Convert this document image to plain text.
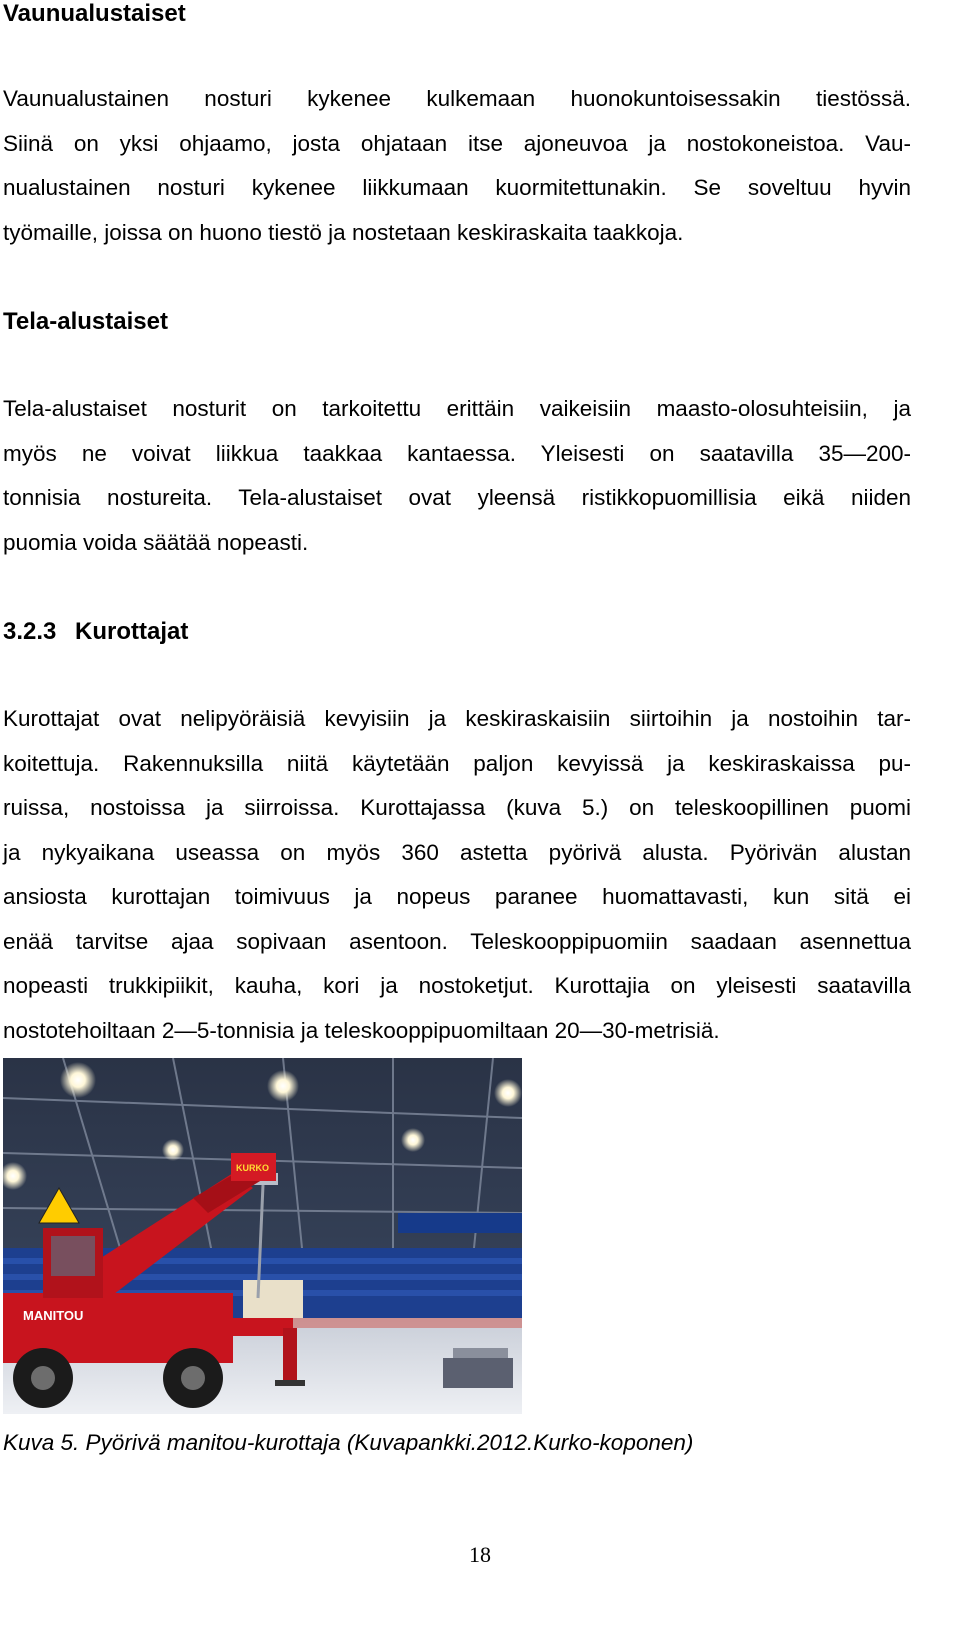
Vaunualustaiset
Vaunualustainen nosturi kykenee kulkemaan huonokuntoisessakin tiestössä.
Siinä on yksi ohjaamo, josta ohjataan itse ajoneuvoa ja nostokoneistoa. Vau-
nualustainen nosturi kykenee liikkumaan kuormitettunakin. Se soveltuu hyvin
työmaille, joissa on huono tiestö ja nostetaan keskiraskaita taakkoja.
Tela-alustaiset
Tela-alustaiset nosturit on tarkoitettu erittäin vaikeisiin maasto-olosuhteisiin, ja
myös ne voivat liikkua taakkaa kantaessa. Yleisesti on saatavilla 35—200-
tonnisia nostureita. Tela-alustaiset ovat yleensä ristikkopuomillisia eikä niiden
puomia voida säätää nopeasti.
3.2.3 Kurottajat
Kurottajat ovat nelipyöräisiä kevyisiin ja keskiraskaisiin siirtoihin ja nostoihin tar-
koitettuja. Rakennuksilla niitä käytetään paljon kevyissä ja keskiraskaissa pu-
ruissa, nostoissa ja siirroissa. Kurottajassa (kuva 5.) on teleskoopillinen puomi
ja nykyaikana useassa on myös 360 astetta pyörivä alusta. Pyörivän alustan
ansiosta kurottajan toimivuus ja nopeus paranee huomattavasti, kun sitä ei
enää tarvitse ajaa sopivaan asentoon. Teleskooppipuomiin saadaan asennettua
nopeasti trukkipiikit, kauha, kori ja nostoketjut. Kurottajia on yleisesti saatavilla
nostotehoiltaan 2—5-tonnisia ja teleskooppipuomiltaan 20—30-metrisiä.
KURKO
MANITOU

Kuva 5. Pyörivä manitou-kurottaja (Kuvapankki.2012.Kurko-koponen)

18
